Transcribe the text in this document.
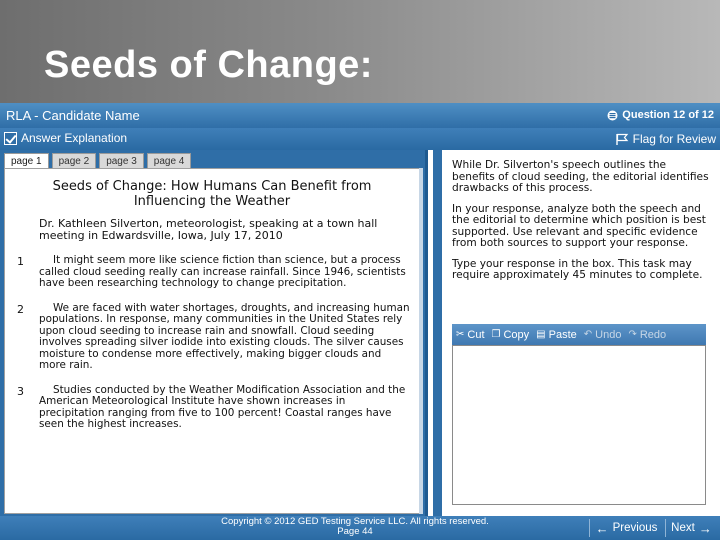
Seeds of Change:
RLA - Candidate Name	Question 12 of 12
Answer Explanation	Flag for Review
page 1	page 2	page 3	page 4
Seeds of Change: How Humans Can Benefit from Influencing the Weather
Dr. Kathleen Silverton, meteorologist, speaking at a town hall meeting in Edwardsville, Iowa, July 17, 2010
1	It might seem more like science fiction than science, but a process called cloud seeding really can increase rainfall. Since 1946, scientists have been researching technology to change precipitation.
2	We are faced with water shortages, droughts, and increasing human populations. In response, many communities in the United States rely upon cloud seeding to increase rain and snowfall. Cloud seeding involves spreading silver iodide into existing clouds. The silver causes moisture to condense more effectively, making bigger clouds and more rain.
3	Studies conducted by the Weather Modification Association and the American Meteorological Institute have shown increases in precipitation ranging from five to 100 percent! Coastal ranges have seen the highest increases.

While Dr. Silverton's speech outlines the benefits of cloud seeding, the editorial identifies drawbacks of this process.

In your response, analyze both the speech and the editorial to determine which position is best supported. Use relevant and specific evidence from both sources to support your response.

Type your response in the box. This task may require approximately 45 minutes to complete.

✂ Cut ❐ Copy ▤ Paste ↶ Undo ↷ Redo
Copyright © 2012 GED Testing Service LLC. All rights reserved.
Page 44	← Previous Next →
